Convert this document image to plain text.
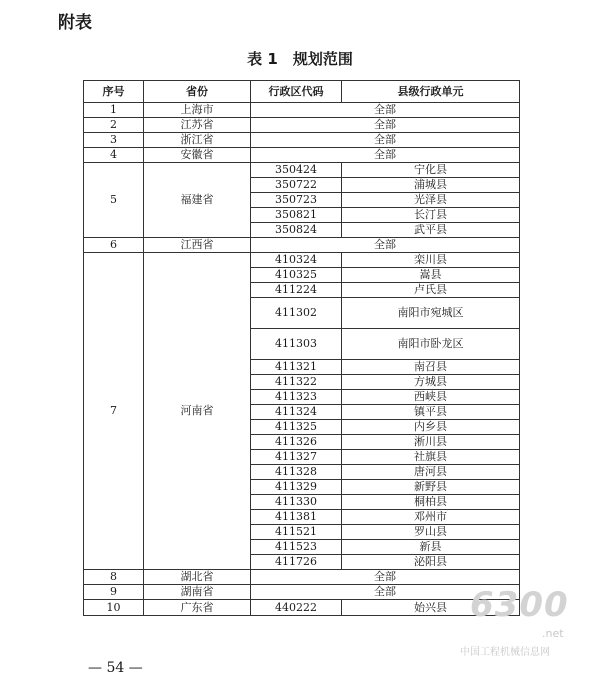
附表
表 1　规划范围
序号	省份	行政区代码	县级行政单元
1	上海市	全部	
2	江苏省	全部	
3	浙江省	全部	
4	安徽省	全部	
5	福建省	350424	宁化县
		350722	浦城县
		350723	光泽县
		350821	长汀县
		350824	武平县
6	江西省	全部	
7	河南省	410324	栾川县
		410325	嵩县
		411224	卢氏县
		411302	南阳市宛城区
		411303	南阳市卧龙区
		411321	南召县
		411322	方城县
		411323	西峡县
		411324	镇平县
		411325	内乡县
		411326	淅川县
		411327	社旗县
		411328	唐河县
		411329	新野县
		411330	桐柏县
		411381	邓州市
		411521	罗山县
		411523	新县
		411726	泌阳县
8	湖北省	全部	
9	湖南省	全部	
10	广东省	440222	始兴县
— 54 —
6300
.net
中国工程机械信息网
